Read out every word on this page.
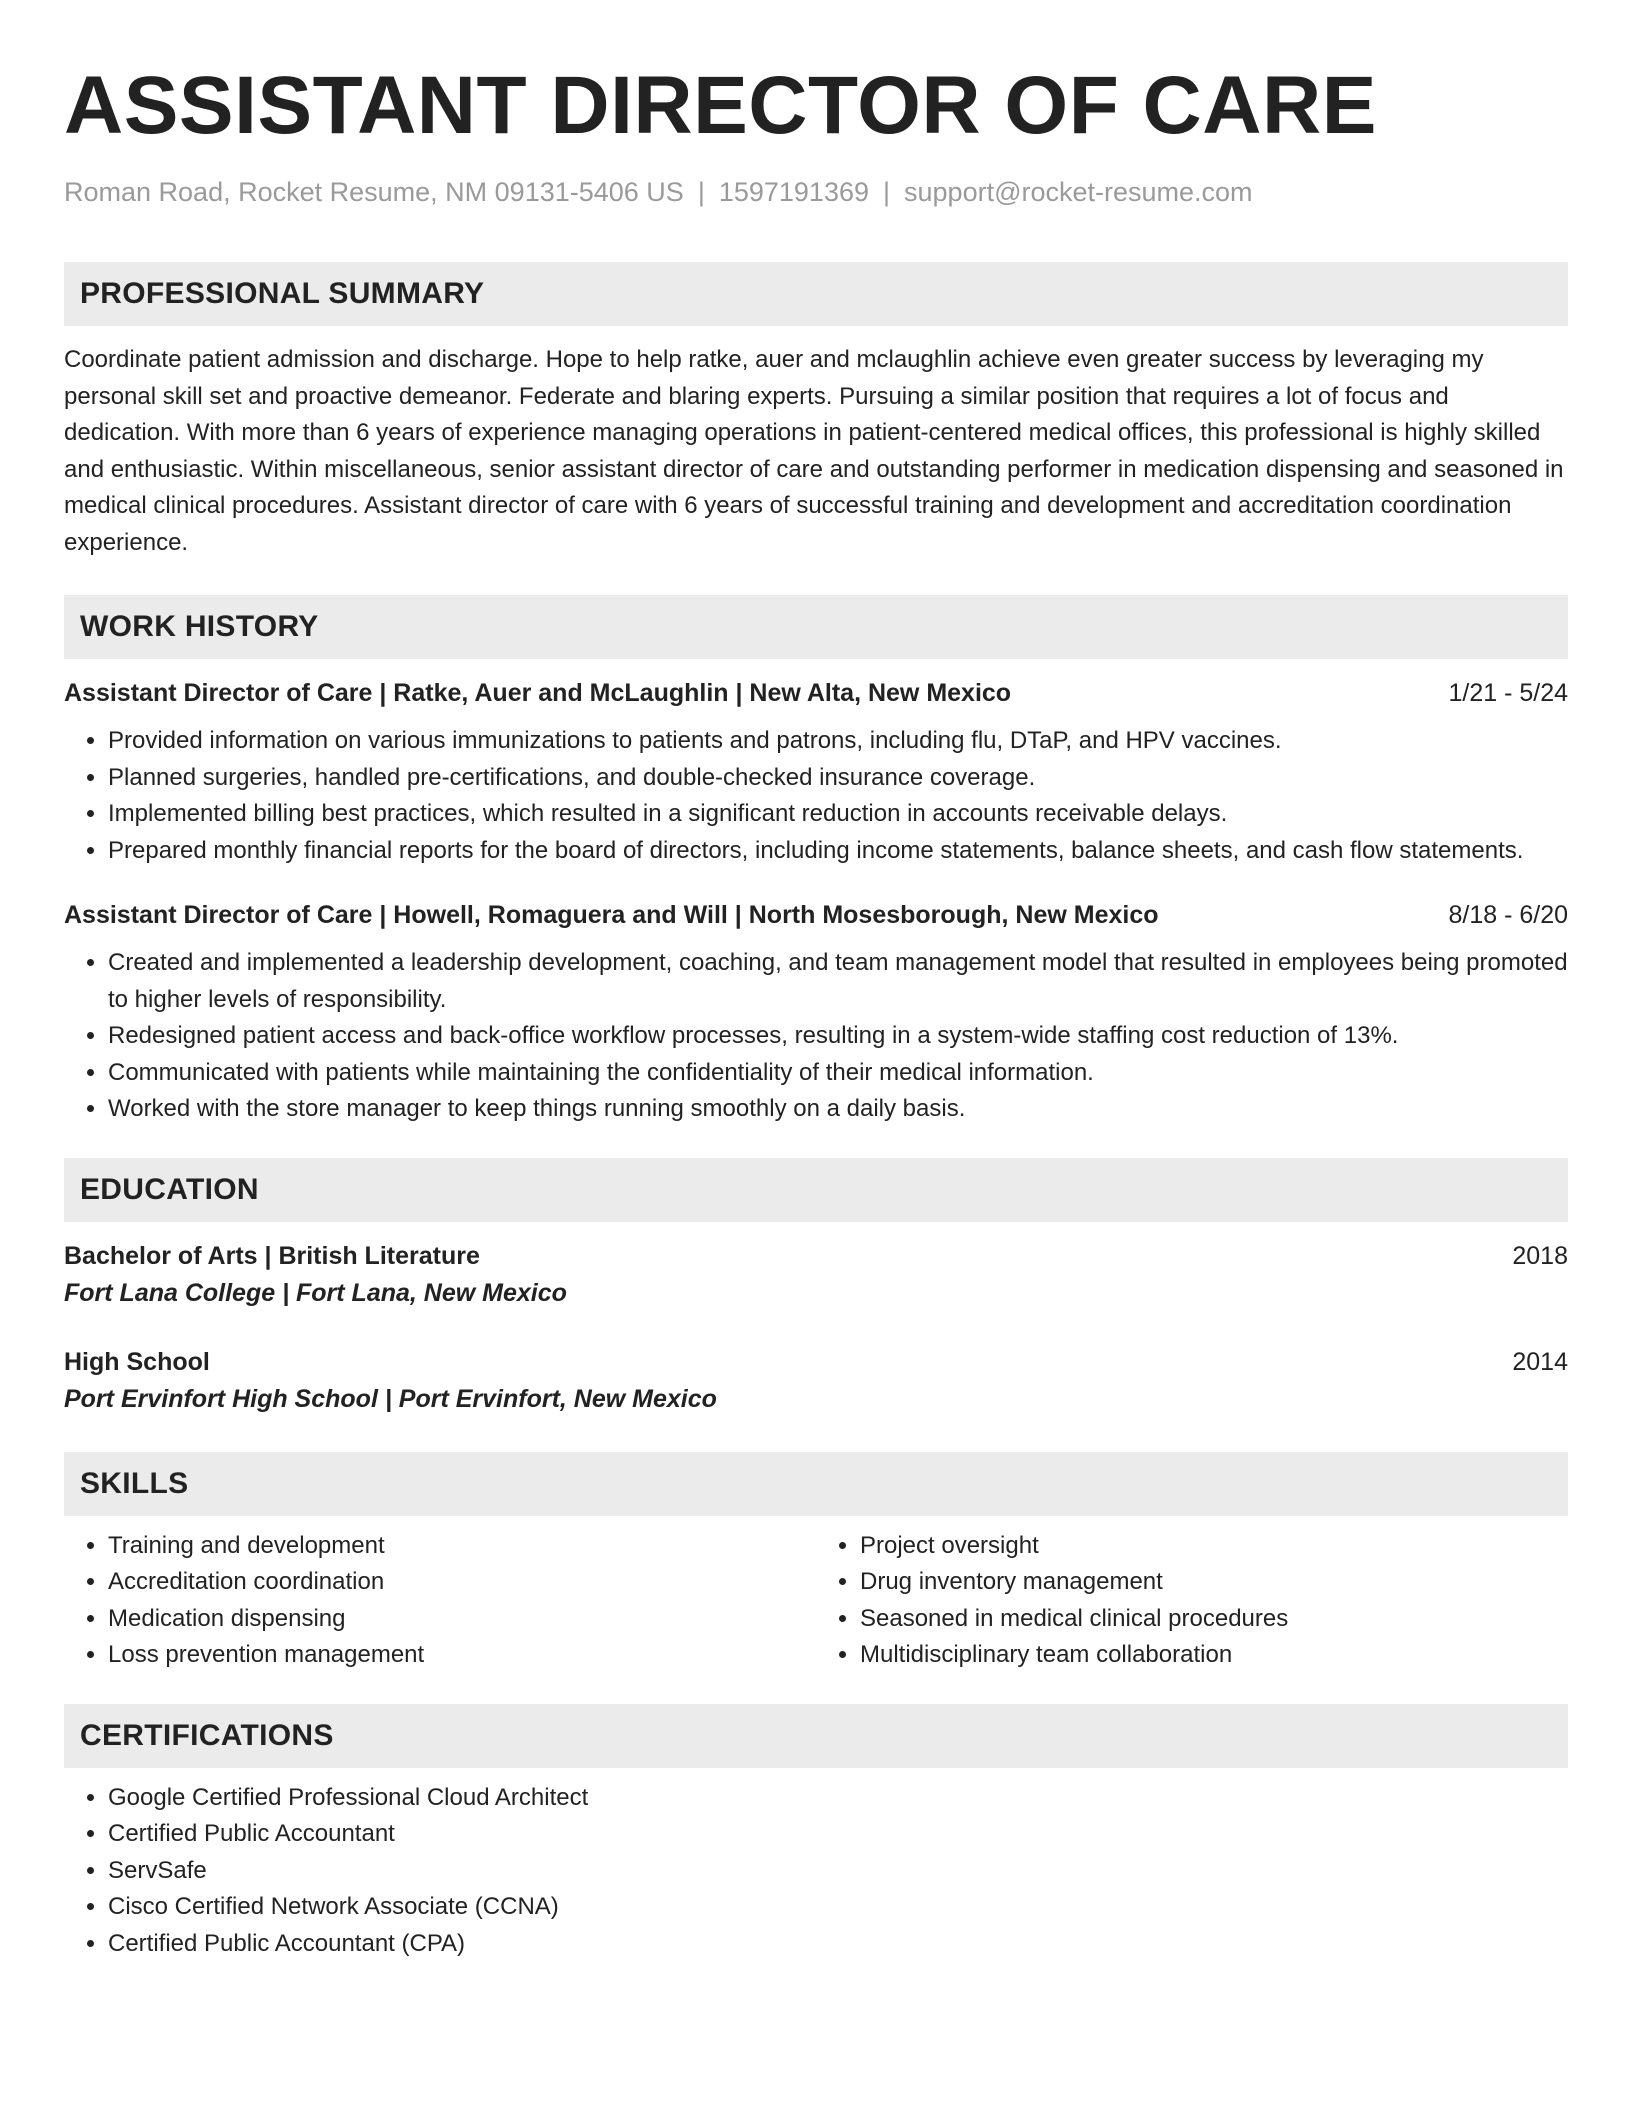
ASSISTANT DIRECTOR OF CARE
Roman Road, Rocket Resume, NM 09131-5406 US | 1597191369 | support@rocket-resume.com
PROFESSIONAL SUMMARY
Coordinate patient admission and discharge. Hope to help ratke, auer and mclaughlin achieve even greater success by leveraging my personal skill set and proactive demeanor. Federate and blaring experts. Pursuing a similar position that requires a lot of focus and dedication. With more than 6 years of experience managing operations in patient-centered medical offices, this professional is highly skilled and enthusiastic. Within miscellaneous, senior assistant director of care and outstanding performer in medication dispensing and seasoned in medical clinical procedures. Assistant director of care with 6 years of successful training and development and accreditation coordination experience.
WORK HISTORY
Assistant Director of Care | Ratke, Auer and McLaughlin | New Alta, New Mexico	1/21 - 5/24
• Provided information on various immunizations to patients and patrons, including flu, DTaP, and HPV vaccines.
• Planned surgeries, handled pre-certifications, and double-checked insurance coverage.
• Implemented billing best practices, which resulted in a significant reduction in accounts receivable delays.
• Prepared monthly financial reports for the board of directors, including income statements, balance sheets, and cash flow statements.
Assistant Director of Care | Howell, Romaguera and Will | North Mosesborough, New Mexico	8/18 - 6/20
• Created and implemented a leadership development, coaching, and team management model that resulted in employees being promoted to higher levels of responsibility.
• Redesigned patient access and back-office workflow processes, resulting in a system-wide staffing cost reduction of 13%.
• Communicated with patients while maintaining the confidentiality of their medical information.
• Worked with the store manager to keep things running smoothly on a daily basis.
EDUCATION
Bachelor of Arts | British Literature	2018
Fort Lana College | Fort Lana, New Mexico
High School	2014
Port Ervinfort High School | Port Ervinfort, New Mexico
SKILLS
• Training and development
• Accreditation coordination
• Medication dispensing
• Loss prevention management
• Project oversight
• Drug inventory management
• Seasoned in medical clinical procedures
• Multidisciplinary team collaboration
CERTIFICATIONS
• Google Certified Professional Cloud Architect
• Certified Public Accountant
• ServSafe
• Cisco Certified Network Associate (CCNA)
• Certified Public Accountant (CPA)
